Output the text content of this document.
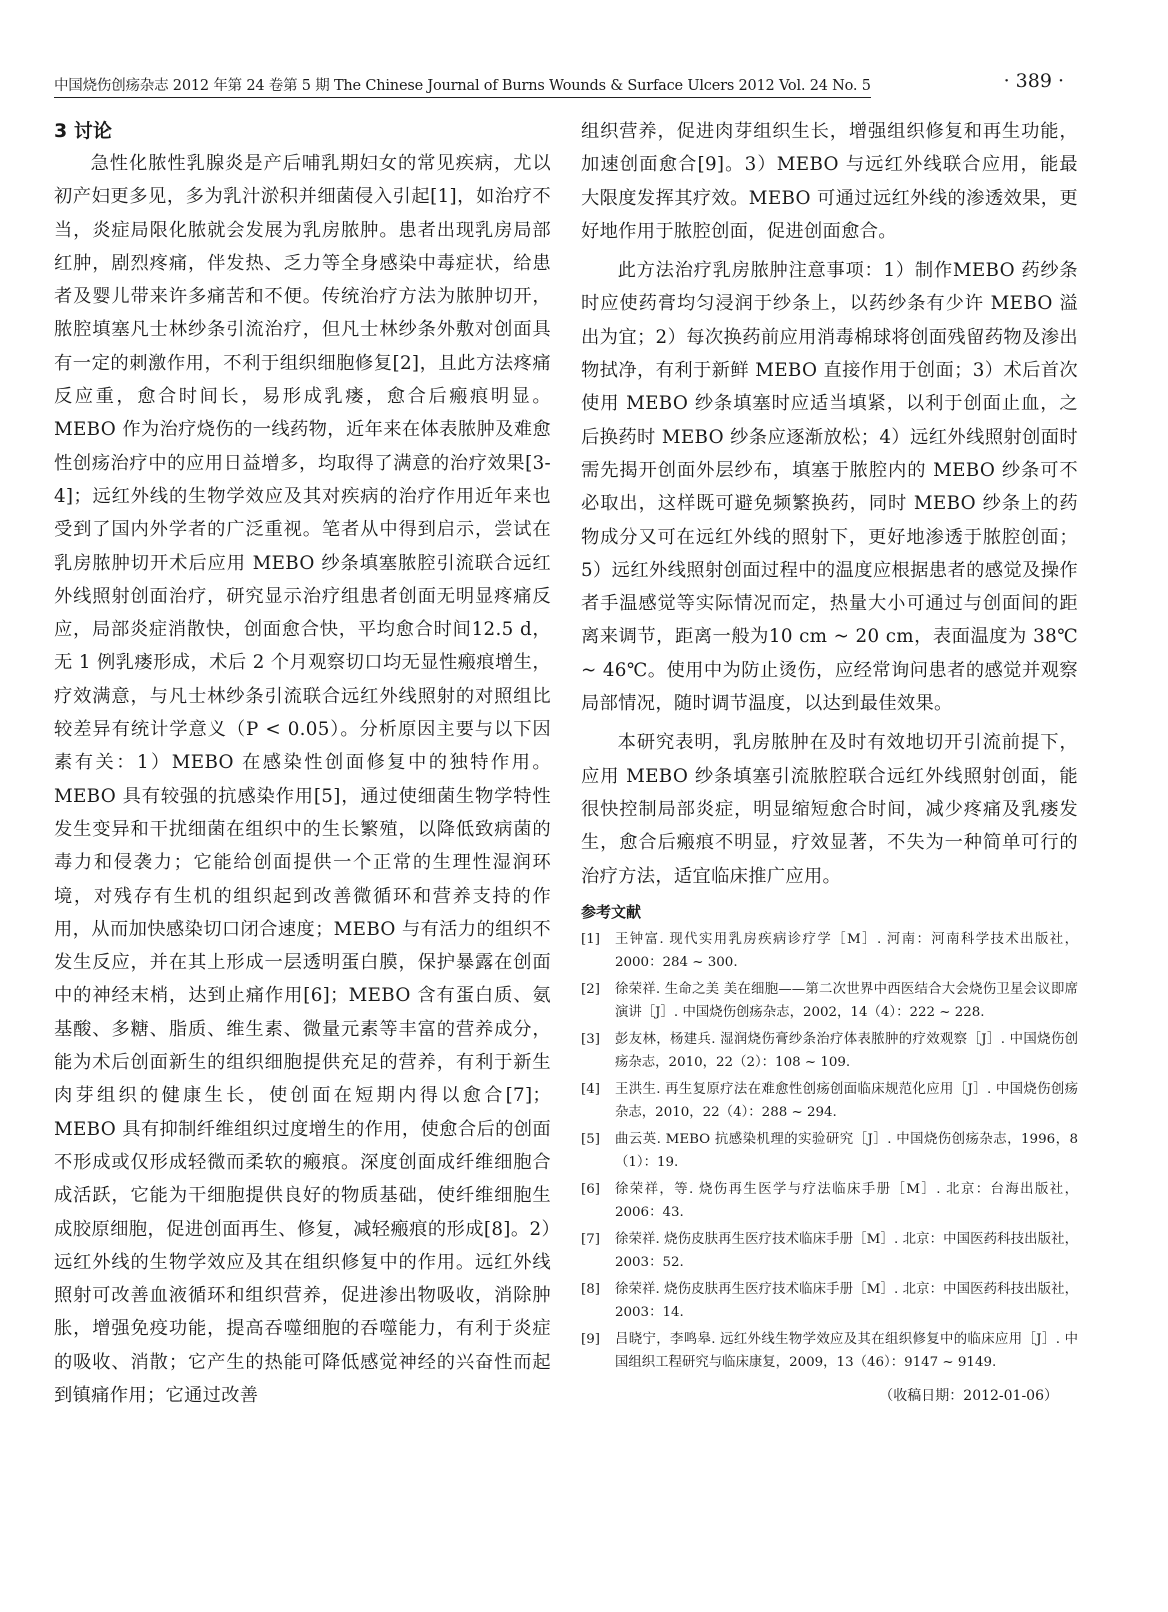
中国烧伤创疡杂志 2012 年第 24 卷第 5 期 The Chinese Journal of Burns Wounds & Surface Ulcers 2012 Vol. 24 No. 5	· 389 ·
3 讨论

急性化脓性乳腺炎是产后哺乳期妇女的常见疾病，尤以初产妇更多见，多为乳汁淤积并细菌侵入引起[1]，如治疗不当，炎症局限化脓就会发展为乳房脓肿。患者出现乳房局部红肿，剧烈疼痛，伴发热、乏力等全身感染中毒症状，给患者及婴儿带来许多痛苦和不便。传统治疗方法为脓肿切开，脓腔填塞凡士林纱条引流治疗，但凡士林纱条外敷对创面具有一定的刺激作用，不利于组织细胞修复[2]，且此方法疼痛反应重，愈合时间长，易形成乳瘘，愈合后瘢痕明显。MEBO 作为治疗烧伤的一线药物，近年来在体表脓肿及难愈性创疡治疗中的应用日益增多，均取得了满意的治疗效果[3-4]；远红外线的生物学效应及其对疾病的治疗作用近年来也受到了国内外学者的广泛重视。笔者从中得到启示，尝试在乳房脓肿切开术后应用 MEBO 纱条填塞脓腔引流联合远红外线照射创面治疗，研究显示治疗组患者创面无明显疼痛反应，局部炎症消散快，创面愈合快，平均愈合时间12.5 d，无 1 例乳瘘形成，术后 2 个月观察切口均无显性瘢痕增生，疗效满意，与凡士林纱条引流联合远红外线照射的对照组比较差异有统计学意义（P < 0.05）。分析原因主要与以下因素有关：1）MEBO 在感染性创面修复中的独特作用。MEBO 具有较强的抗感染作用[5]，通过使细菌生物学特性发生变异和干扰细菌在组织中的生长繁殖，以降低致病菌的毒力和侵袭力；它能给创面提供一个正常的生理性湿润环境，对残存有生机的组织起到改善微循环和营养支持的作用，从而加快感染切口闭合速度；MEBO 与有活力的组织不发生反应，并在其上形成一层透明蛋白膜，保护暴露在创面中的神经末梢，达到止痛作用[6]；MEBO 含有蛋白质、氨基酸、多糖、脂质、维生素、微量元素等丰富的营养成分，能为术后创面新生的组织细胞提供充足的营养，有利于新生肉芽组织的健康生长，使创面在短期内得以愈合[7]；MEBO 具有抑制纤维组织过度增生的作用，使愈合后的创面不形成或仅形成轻微而柔软的瘢痕。深度创面成纤维细胞合成活跃，它能为干细胞提供良好的物质基础，使纤维细胞生成胶原细胞，促进创面再生、修复，减轻瘢痕的形成[8]。2）远红外线的生物学效应及其在组织修复中的作用。远红外线照射可改善血液循环和组织营养，促进渗出物吸收，消除肿胀，增强免疫功能，提高吞噬细胞的吞噬能力，有利于炎症的吸收、消散；它产生的热能可降低感觉神经的兴奋性而起到镇痛作用；它通过改善

组织营养，促进肉芽组织生长，增强组织修复和再生功能，加速创面愈合[9]。3）MEBO 与远红外线联合应用，能最大限度发挥其疗效。MEBO 可通过远红外线的渗透效果，更好地作用于脓腔创面，促进创面愈合。

此方法治疗乳房脓肿注意事项：1）制作MEBO 药纱条时应使药膏均匀浸润于纱条上，以药纱条有少许 MEBO 溢出为宜；2）每次换药前应用消毒棉球将创面残留药物及渗出物拭净，有利于新鲜 MEBO 直接作用于创面；3）术后首次使用 MEBO 纱条填塞时应适当填紧，以利于创面止血，之后换药时 MEBO 纱条应逐渐放松；4）远红外线照射创面时需先揭开创面外层纱布，填塞于脓腔内的 MEBO 纱条可不必取出，这样既可避免频繁换药，同时 MEBO 纱条上的药物成分又可在远红外线的照射下，更好地渗透于脓腔创面；5）远红外线照射创面过程中的温度应根据患者的感觉及操作者手温感觉等实际情况而定，热量大小可通过与创面间的距离来调节，距离一般为10 cm ~ 20 cm，表面温度为 38℃ ~ 46℃。使用中为防止烫伤，应经常询问患者的感觉并观察局部情况，随时调节温度，以达到最佳效果。

本研究表明，乳房脓肿在及时有效地切开引流前提下，应用 MEBO 纱条填塞引流脓腔联合远红外线照射创面，能很快控制局部炎症，明显缩短愈合时间，减少疼痛及乳瘘发生，愈合后瘢痕不明显，疗效显著，不失为一种简单可行的治疗方法，适宜临床推广应用。

参考文献
[1] 王钟富. 现代实用乳房疾病诊疗学［M］. 河南：河南科学技术出版社，2000：284 ~ 300.
[2] 徐荣祥. 生命之美 美在细胞——第二次世界中西医结合大会烧伤卫星会议即席演讲［J］. 中国烧伤创疡杂志，2002，14（4）：222 ~ 228.
[3] 彭友林，杨建兵. 湿润烧伤膏纱条治疗体表脓肿的疗效观察［J］. 中国烧伤创疡杂志，2010，22（2）：108 ~ 109.
[4] 王洪生. 再生复原疗法在难愈性创疡创面临床规范化应用［J］. 中国烧伤创疡杂志，2010，22（4）：288 ~ 294.
[5] 曲云英. MEBO 抗感染机理的实验研究［J］. 中国烧伤创疡杂志，1996，8（1）：19.
[6] 徐荣祥，等. 烧伤再生医学与疗法临床手册［M］. 北京：台海出版社，2006：43.
[7] 徐荣祥. 烧伤皮肤再生医疗技术临床手册［M］. 北京：中国医药科技出版社，2003：52.
[8] 徐荣祥. 烧伤皮肤再生医疗技术临床手册［M］. 北京：中国医药科技出版社，2003：14.
[9] 吕晓宁，李鸣皋. 远红外线生物学效应及其在组织修复中的临床应用［J］. 中国组织工程研究与临床康复，2009，13（46）：9147 ~ 9149.
（收稿日期：2012-01-06）
